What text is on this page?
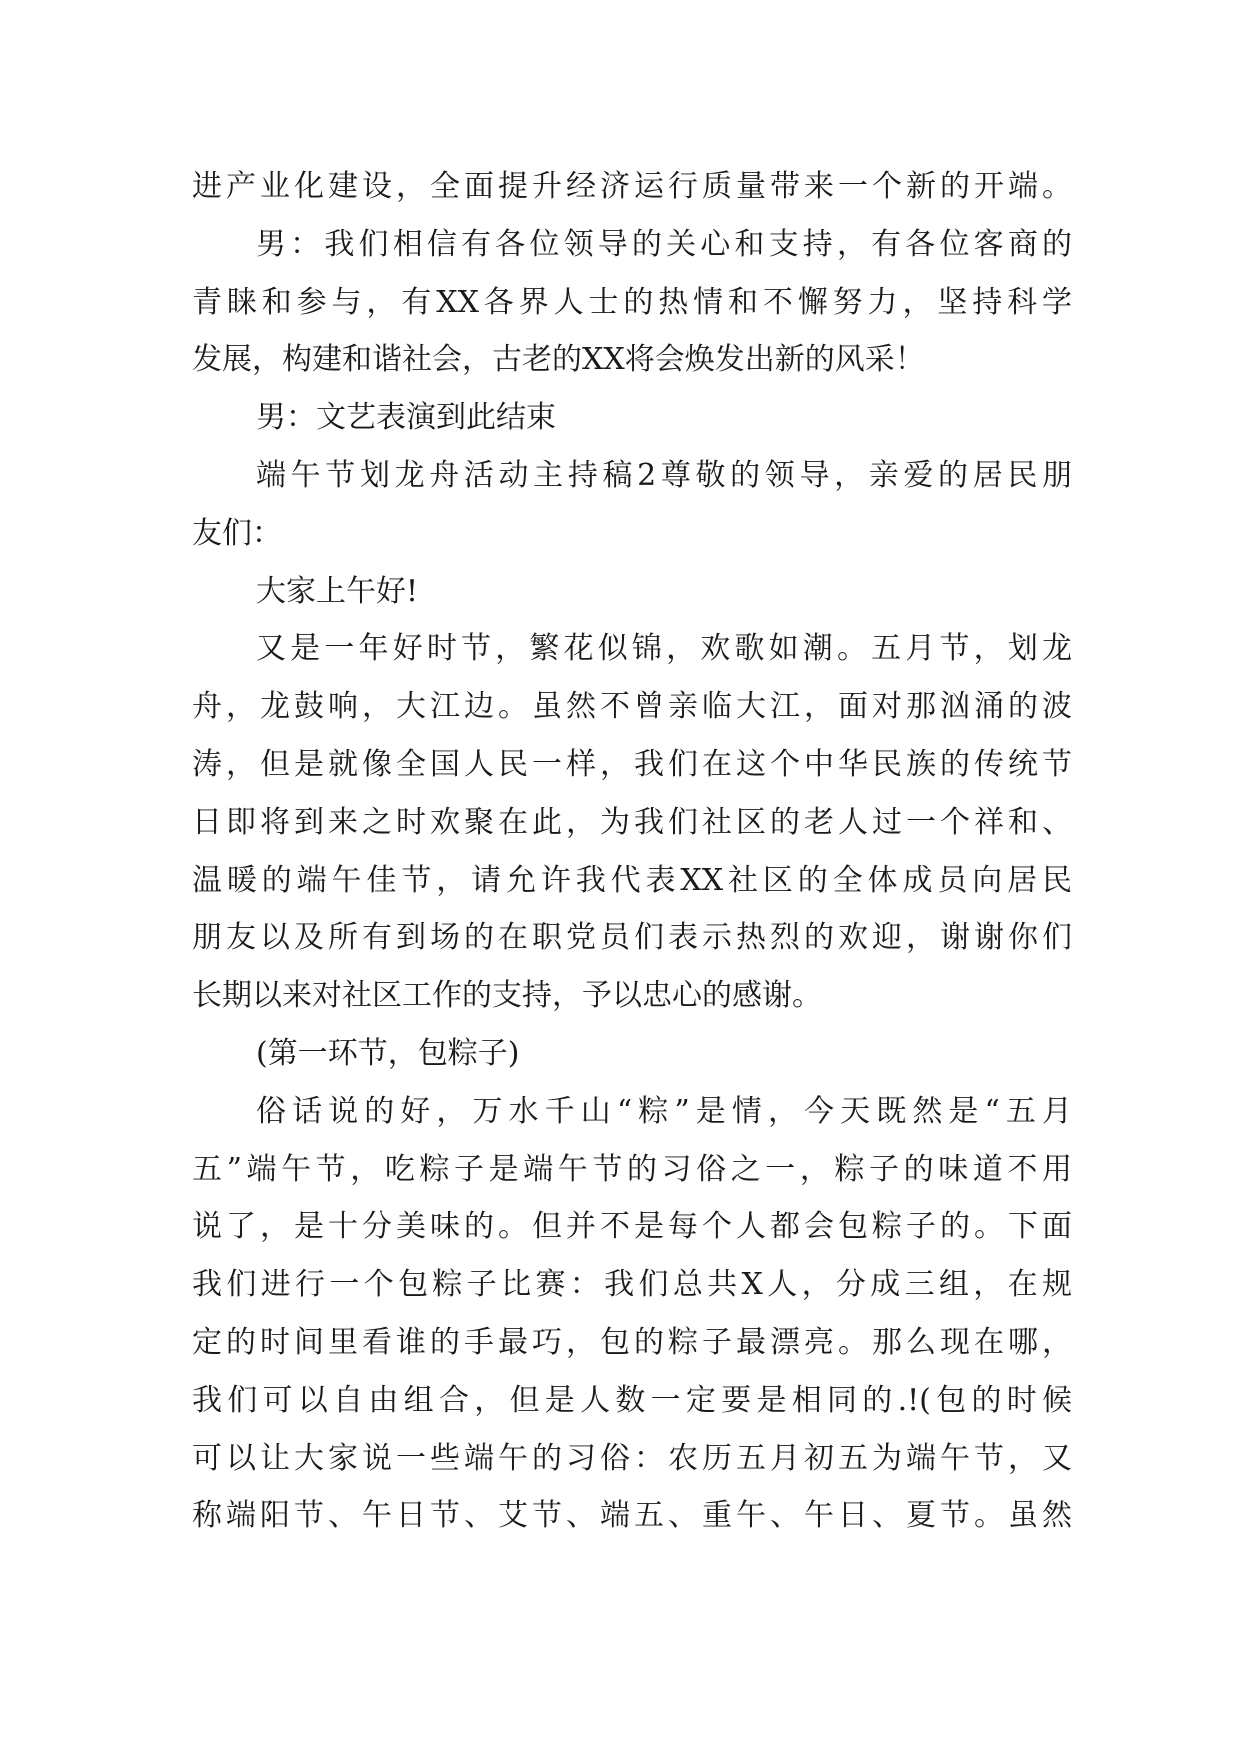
进产业化建设，全面提升经济运行质量带来一个新的开端。
男：我们相信有各位领导的关心和支持，有各位客商的
青睐和参与，有XX各界人士的热情和不懈努力，坚持科学
发展，构建和谐社会，古老的XX将会焕发出新的风采！
男：文艺表演到此结束
端午节划龙舟活动主持稿2尊敬的领导，亲爱的居民朋
友们：
大家上午好!
又是一年好时节，繁花似锦，欢歌如潮。五月节，划龙
舟，龙鼓响，大江边。虽然不曾亲临大江，面对那汹涌的波
涛，但是就像全国人民一样，我们在这个中华民族的传统节
日即将到来之时欢聚在此，为我们社区的老人过一个祥和、
温暖的端午佳节，请允许我代表XX社区的全体成员向居民
朋友以及所有到场的在职党员们表示热烈的欢迎，谢谢你们
长期以来对社区工作的支持，予以忠心的感谢。
(第一环节，包粽子)
俗话说的好，万水千山“粽”是情，今天既然是“五月
五”端午节，吃粽子是端午节的习俗之一，粽子的味道不用
说了，是十分美味的。但并不是每个人都会包粽子的。下面
我们进行一个包粽子比赛：我们总共X人，分成三组，在规
定的时间里看谁的手最巧，包的粽子最漂亮。那么现在哪，
我们可以自由组合，但是人数一定要是相同的.!(包的时候
可以让大家说一些端午的习俗：农历五月初五为端午节，又
称端阳节、午日节、艾节、端五、重午、午日、夏节。虽然
